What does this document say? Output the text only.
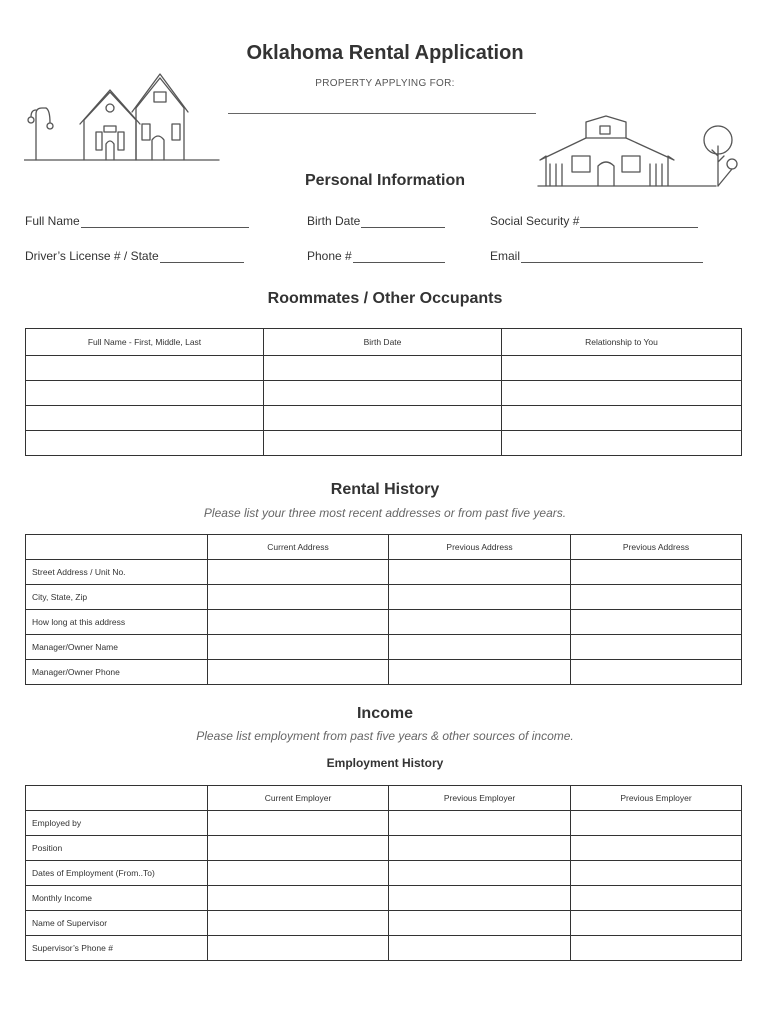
Oklahoma Rental Application
PROPERTY APPLYING FOR:
Personal Information
Full Name	Birth Date	Social Security #
Driver’s License # / State	Phone #	Email
Roommates / Other Occupants
Full Name - First, Middle, Last	Birth Date	Relationship to You

Rental History
Please list your three most recent addresses or from past five years.
	Current Address	Previous Address	Previous Address
Street Address / Unit No.			
City, State, Zip			
How long at this address			
Manager/Owner Name			
Manager/Owner Phone			
Income
Please list employment from past five years & other sources of income.
Employment History
	Current Employer	Previous Employer	Previous Employer
Employed by			
Position			
Dates of Employment (From..To)			
Monthly Income			
Name of Supervisor			
Supervisor’s Phone #			
